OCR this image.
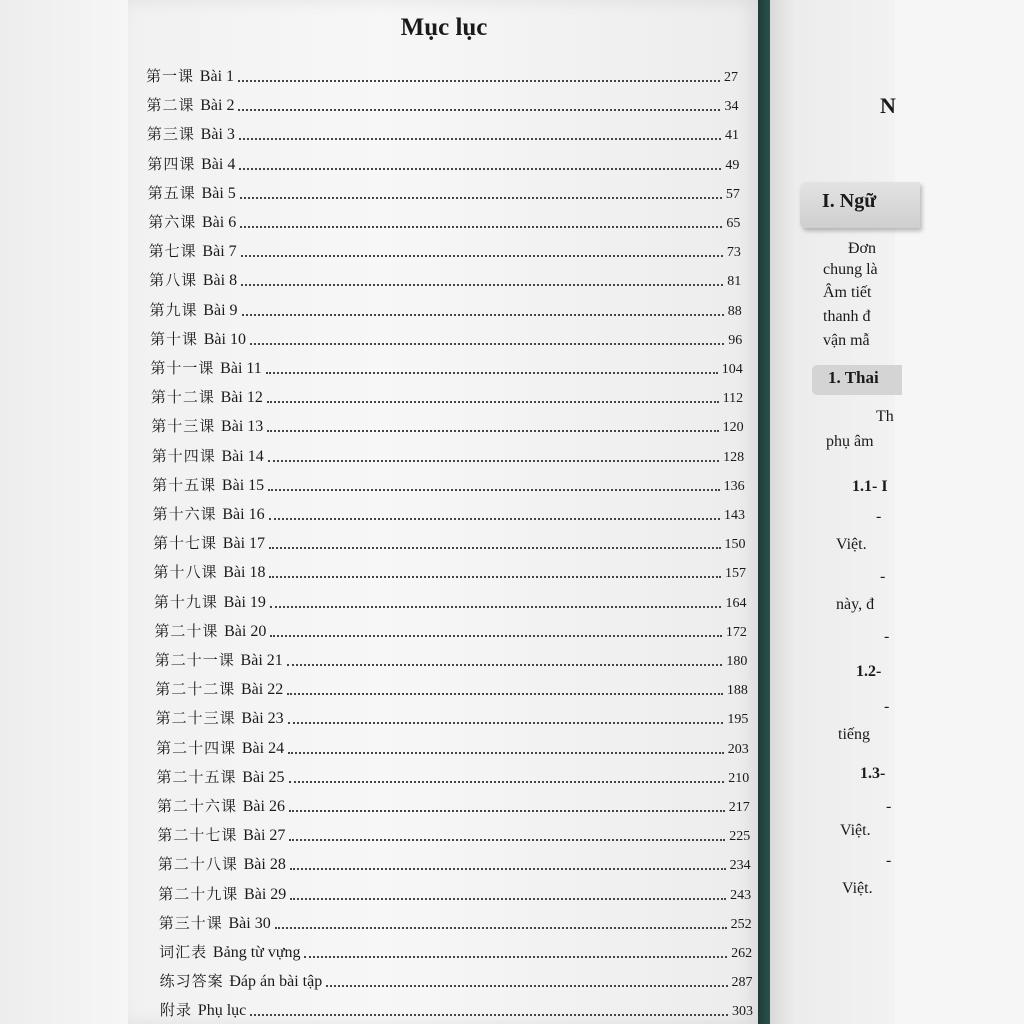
Mục lục
第一课 Bài 1	27
第二课 Bài 2	34
第三课 Bài 3	41
第四课 Bài 4	49
第五课 Bài 5	57
第六课 Bài 6	65
第七课 Bài 7	73
第八课 Bài 8	81
第九课 Bài 9	88
第十课 Bài 10	96
第十一课 Bài 11	104
第十二课 Bài 12	112
第十三课 Bài 13	120
第十四课 Bài 14	128
第十五课 Bài 15	136
第十六课 Bài 16	143
第十七课 Bài 17	150
第十八课 Bài 18	157
第十九课 Bài 19	164
第二十课 Bài 20	172
第二十一课 Bài 21	180
第二十二课 Bài 22	188
第二十三课 Bài 23	195
第二十四课 Bài 24	203
第二十五课 Bài 25	210
第二十六课 Bài 26	217
第二十七课 Bài 27	225
第二十八课 Bài 28	234
第二十九课 Bài 29	243
第三十课 Bài 30	252
词汇表 Bảng từ vựng	262
练习答案 Đáp án bài tập	287
附录 Phụ lục	303
N
I. Ngữ
Đơn
chung là
Âm tiết
thanh đ
vận mẫ
1. Thai
Th
phụ âm
1.1- I
-
Việt.
-
này, đ
-
1.2-
-
tiếng
1.3-
-
Việt.
-
Việt.
